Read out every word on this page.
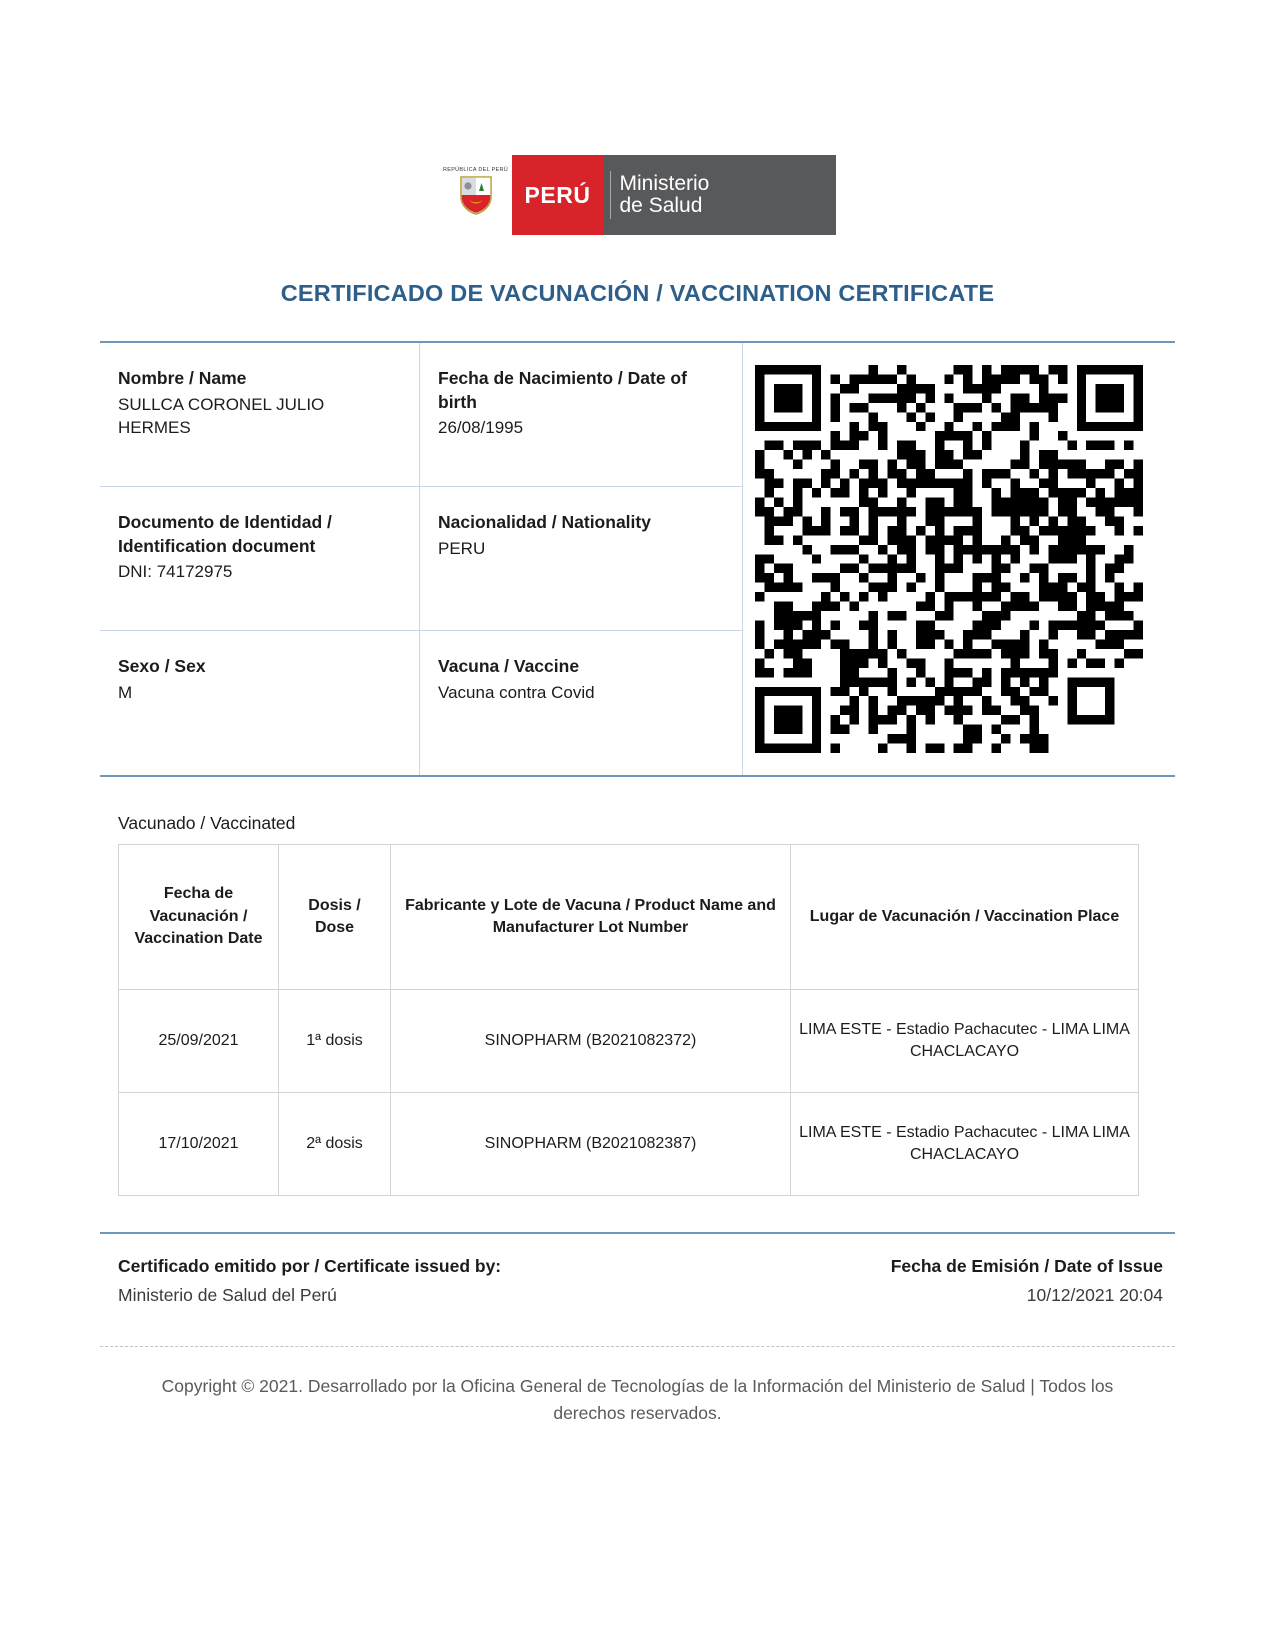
REPÚBLICA DEL PERÚ
PERÚ	Ministerio
de Salud
CERTIFICADO DE VACUNACIÓN / VACCINATION CERTIFICATE
Nombre / Name
SULLCA CORONEL JULIO HERMES
Fecha de Nacimiento / Date of birth
26/08/1995
Documento de Identidad / Identification document
DNI: 74172975
Nacionalidad / Nationality
PERU
Sexo / Sex
M
Vacuna / Vaccine
Vacuna contra Covid
Vacunado / Vaccinated
Fecha de Vacunación / Vaccination Date	Dosis / Dose	Fabricante y Lote de Vacuna / Product Name and Manufacturer Lot Number	Lugar de Vacunación / Vaccination Place
25/09/2021	1ª dosis	SINOPHARM (B2021082372)	LIMA ESTE - Estadio Pachacutec - LIMA LIMA CHACLACAYO
17/10/2021	2ª dosis	SINOPHARM (B2021082387)	LIMA ESTE - Estadio Pachacutec - LIMA LIMA CHACLACAYO
Certificado emitido por / Certificate issued by:
Ministerio de Salud del Perú
Fecha de Emisión / Date of Issue
10/12/2021 20:04
Copyright © 2021. Desarrollado por la Oficina General de Tecnologías de la Información del Ministerio de Salud | Todos los derechos reservados.
